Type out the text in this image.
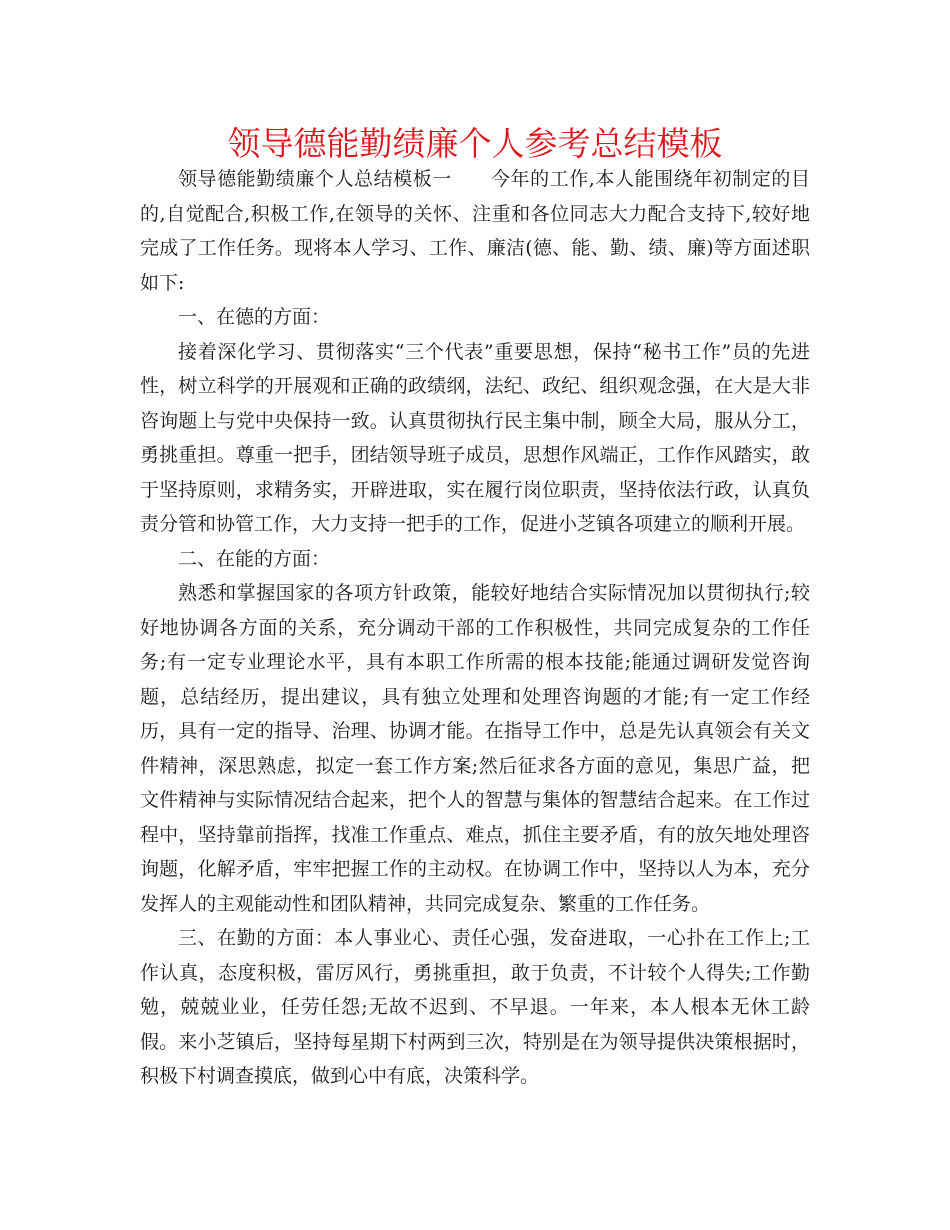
领导德能勤绩廉个人参考总结模板

领导德能勤绩廉个人总结模板一　　今年的工作,本人能围绕年初制定的目的,自觉配合,积极工作,在领导的关怀、注重和各位同志大力配合支持下,较好地完成了工作任务。现将本人学习、工作、廉洁(德、能、勤、绩、廉)等方面述职如下:

一、在德的方面：

接着深化学习、贯彻落实“三个代表”重要思想，保持“秘书工作”员的先进性，树立科学的开展观和正确的政绩纲，法纪、政纪、组织观念强，在大是大非咨询题上与党中央保持一致。认真贯彻执行民主集中制，顾全大局，服从分工，勇挑重担。尊重一把手，团结领导班子成员，思想作风端正，工作作风踏实，敢于坚持原则，求精务实，开辟进取，实在履行岗位职责，坚持依法行政，认真负责分管和协管工作，大力支持一把手的工作，促进小芝镇各项建立的顺利开展。

二、在能的方面：

熟悉和掌握国家的各项方针政策，能较好地结合实际情况加以贯彻执行;较好地协调各方面的关系，充分调动干部的工作积极性，共同完成复杂的工作任务;有一定专业理论水平，具有本职工作所需的根本技能;能通过调研发觉咨询题，总结经历，提出建议，具有独立处理和处理咨询题的才能;有一定工作经历，具有一定的指导、治理、协调才能。在指导工作中，总是先认真领会有关文件精神，深思熟虑，拟定一套工作方案;然后征求各方面的意见，集思广益，把文件精神与实际情况结合起来，把个人的智慧与集体的智慧结合起来。在工作过程中，坚持靠前指挥，找准工作重点、难点，抓住主要矛盾，有的放矢地处理咨询题，化解矛盾，牢牢把握工作的主动权。在协调工作中，坚持以人为本，充分发挥人的主观能动性和团队精神，共同完成复杂、繁重的工作任务。

三、在勤的方面：本人事业心、责任心强，发奋进取，一心扑在工作上;工作认真，态度积极，雷厉风行，勇挑重担，敢于负责，不计较个人得失;工作勤勉，兢兢业业，任劳任怨;无故不迟到、不早退。一年来，本人根本无休工龄假。来小芝镇后，坚持每星期下村两到三次，特别是在为领导提供决策根据时，积极下村调查摸底，做到心中有底，决策科学。
